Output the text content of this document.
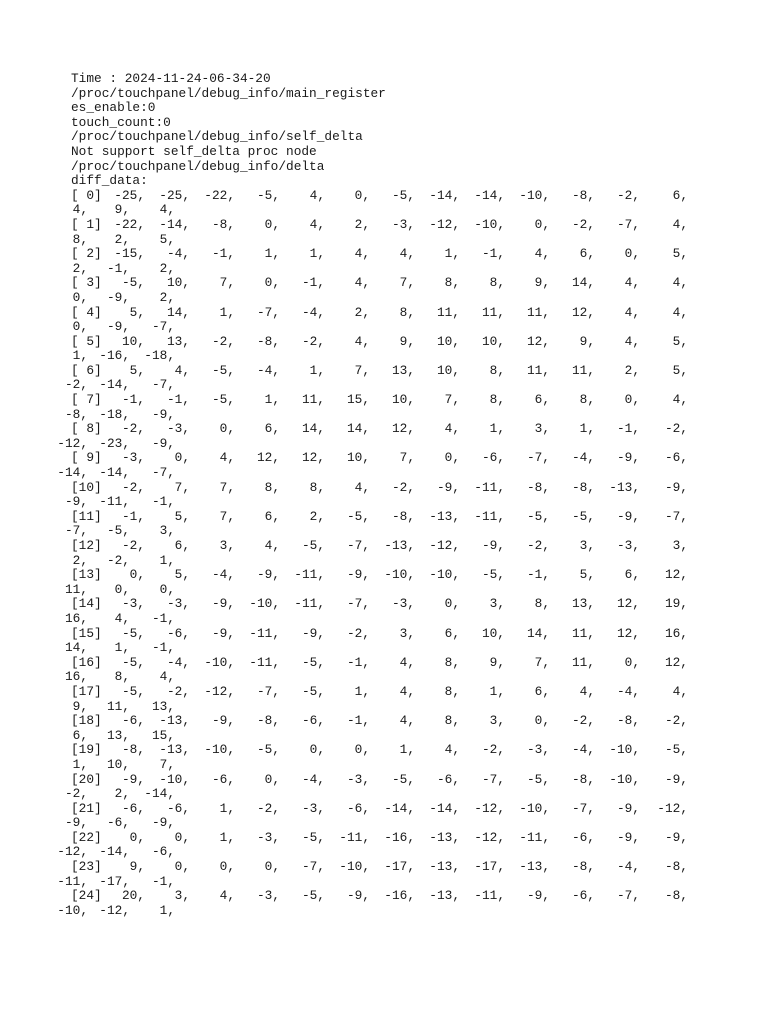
Time : 2024-11-24-06-34-20
/proc/touchpanel/debug_info/main_register
es_enable:0
touch_count:0
/proc/touchpanel/debug_info/self_delta
Not support self_delta proc node
/proc/touchpanel/debug_info/delta
diff_data:
[ 0] -25, -25, -22, -5, 4, 0, -5, -14, -14, -10, -8, -2,	6,
4, 9, 4,
[ 1] -22, -14, -8, 0, 4, 2, -3, -12, -10, 0, -2, -7,	4,
8, 2, 5,
[ 2] -15, -4, -1, 1, 1, 4, 4, 1, -1, 4, 6, 0,	5,
2, -1, 2,
[ 3] -5, 10, 7, 0, -1, 4, 7, 8, 8, 9, 14, 4,	4,
0, -9, 2,
[ 4] 5, 14, 1, -7, -4, 2, 8, 11, 11, 11, 12, 4,	4,
0, -9, -7,
[ 5] 10, 13, -2, -8, -2, 4, 9, 10, 10, 12, 9, 4,	5,
1, -16, -18,
[ 6] 5, 4, -5, -4, 1, 7, 13, 10, 8, 11, 11, 2,	5,
-2, -14, -7,
[ 7] -1, -1, -5, 1, 11, 15, 10, 7, 8, 6, 8, 0,	4,
-8, -18, -9,
[ 8] -2, -3, 0, 6, 14, 14, 12, 4, 1, 3, 1, -1, -2,
-12, -23, -9,
[ 9] -3, 0, 4, 12, 12, 10, 7, 0, -6, -7, -4, -9, -6,
-14, -14, -7,
[10] -2, 7, 7, 8, 8, 4, -2, -9, -11, -8, -8, -13, -9,
-9, -11, -1,
[11] -1, 5, 7, 6, 2, -5, -8, -13, -11, -5, -5, -9, -7,
-7, -5, 3,
[12] -2, 6, 3, 4, -5, -7, -13, -12, -9, -2, 3, -3,	3,
2, -2, 1,
[13] 0, 5, -4, -9, -11, -9, -10, -10, -5, -1, 5, 6, 12,
11, 0, 0,
[14] -3, -3, -9, -10, -11, -7, -3, 0, 3, 8, 13, 12, 19,
16, 4, -1,
[15] -5, -6, -9, -11, -9, -2, 3, 6, 10, 14, 11, 12, 16,
14, 1, -1,
[16] -5, -4, -10, -11, -5, -1, 4, 8, 9, 7, 11, 0, 12,
16, 8, 4,
[17] -5, -2, -12, -7, -5, 1, 4, 8, 1, 6, 4, -4,	4,
9, 11, 13,
[18] -6, -13, -9, -8, -6, -1, 4, 8, 3, 0, -2, -8, -2,
6, 13, 15,
[19] -8, -13, -10, -5, 0, 0, 1, 4, -2, -3, -4, -10, -5,
1, 10, 7,
[20] -9, -10, -6, 0, -4, -3, -5, -6, -7, -5, -8, -10, -9,
-2, 2, -14,
[21] -6, -6, 1, -2, -3, -6, -14, -14, -12, -10, -7, -9, -12,
-9, -6, -9,
[22] 0, 0, 1, -3, -5, -11, -16, -13, -12, -11, -6, -9, -9,
-12, -14, -6,
[23] 9, 0, 0, 0, -7, -10, -17, -13, -17, -13, -8, -4, -8,
-11, -17, -1,
[24] 20, 3, 4, -3, -5, -9, -16, -13, -11, -9, -6, -7, -8,
-10, -12, 1,
